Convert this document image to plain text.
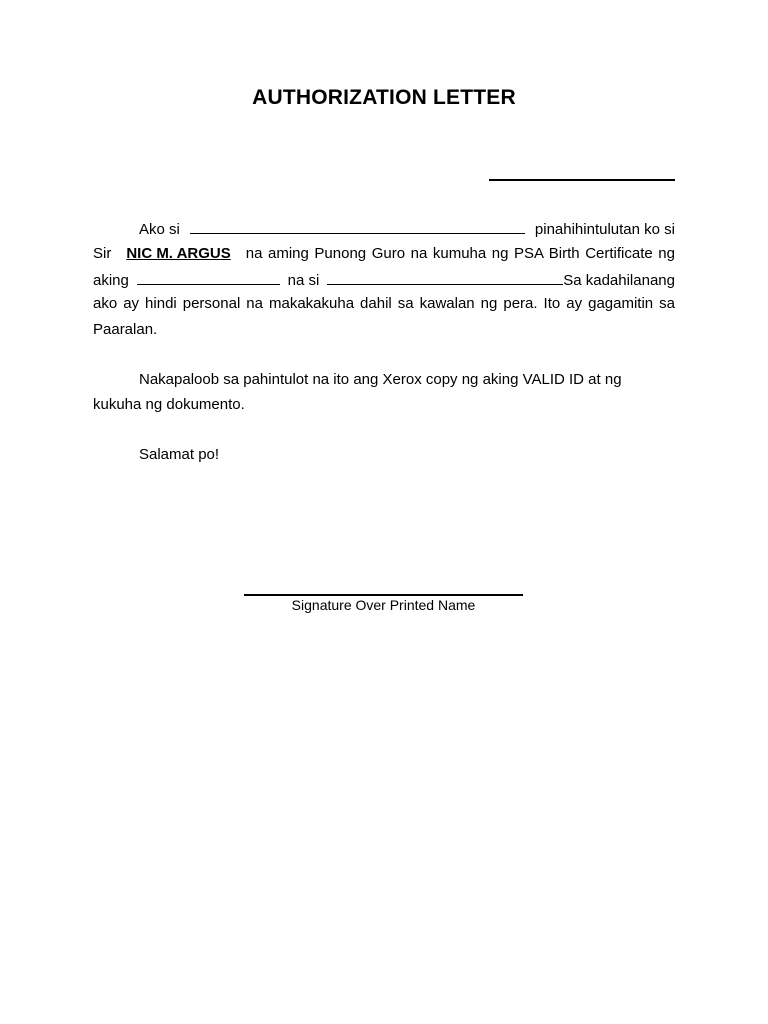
AUTHORIZATION LETTER
Ako si	pinahihintulutan ko si
Sir NIC M. ARGUS na aming Punong Guro na kumuha ng PSA Birth Certificate ng
aking	na si	Sa kadahilanang
ako ay hindi personal na makakakuha dahil sa kawalan ng pera. Ito ay gagamitin sa
Paaralan.
Nakapaloob sa pahintulot na ito ang Xerox copy ng aking VALID ID at ng
kukuha ng dokumento.
Salamat po!
Signature Over Printed Name
